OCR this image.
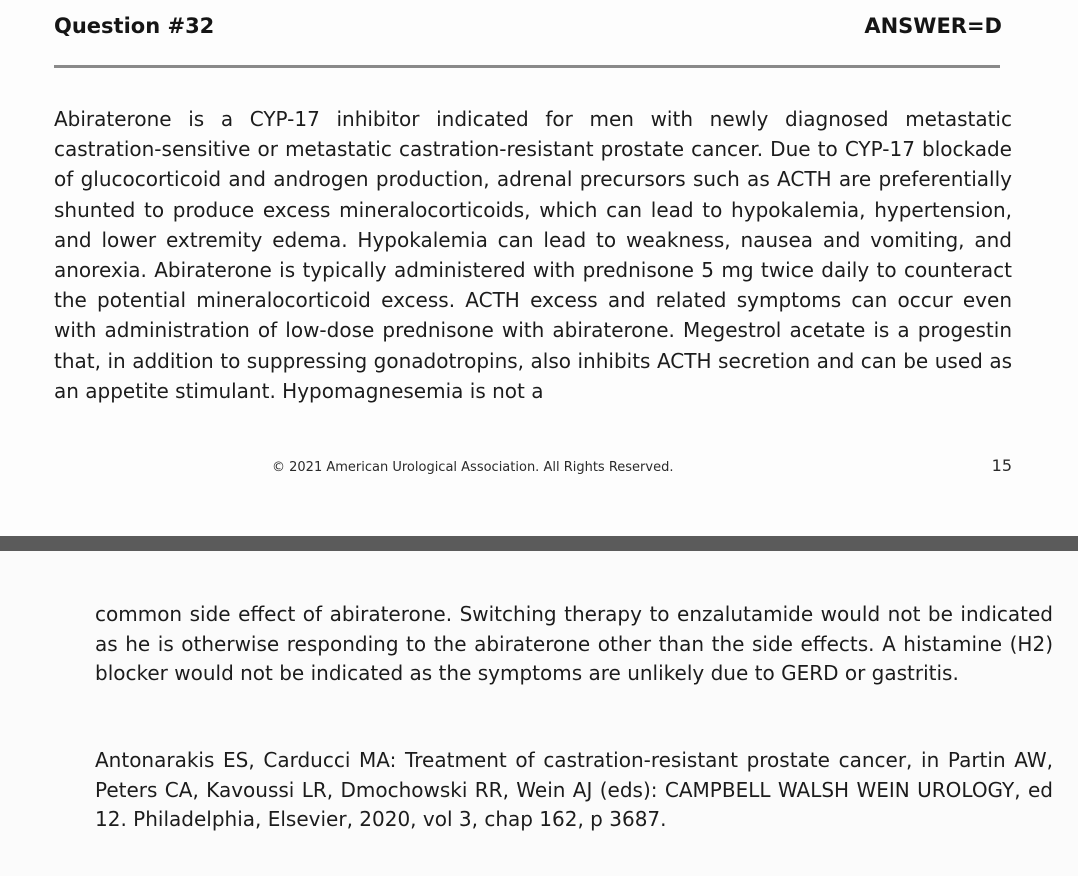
Question #32	ANSWER=D

Abiraterone is a CYP-17 inhibitor indicated for men with newly diagnosed metastatic castration-sensitive or metastatic castration-resistant prostate cancer. Due to CYP-17 blockade of glucocorticoid and androgen production, adrenal precursors such as ACTH are preferentially shunted to produce excess mineralocorticoids, which can lead to hypokalemia, hypertension, and lower extremity edema. Hypokalemia can lead to weakness, nausea and vomiting, and anorexia. Abiraterone is typically administered with prednisone 5 mg twice daily to counteract the potential mineralocorticoid excess. ACTH excess and related symptoms can occur even with administration of low-dose prednisone with abiraterone. Megestrol acetate is a progestin that, in addition to suppressing gonadotropins, also inhibits ACTH secretion and can be used as an appetite stimulant. Hypomagnesemia is not a

© 2021 American Urological Association. All Rights Reserved.	15

common side effect of abiraterone. Switching therapy to enzalutamide would not be indicated as he is otherwise responding to the abiraterone other than the side effects. A histamine (H2) blocker would not be indicated as the symptoms are unlikely due to GERD or gastritis.

Antonarakis ES, Carducci MA: Treatment of castration-resistant prostate cancer, in Partin AW, Peters CA, Kavoussi LR, Dmochowski RR, Wein AJ (eds): CAMPBELL WALSH WEIN UROLOGY, ed 12. Philadelphia, Elsevier, 2020, vol 3, chap 162, p 3687.
